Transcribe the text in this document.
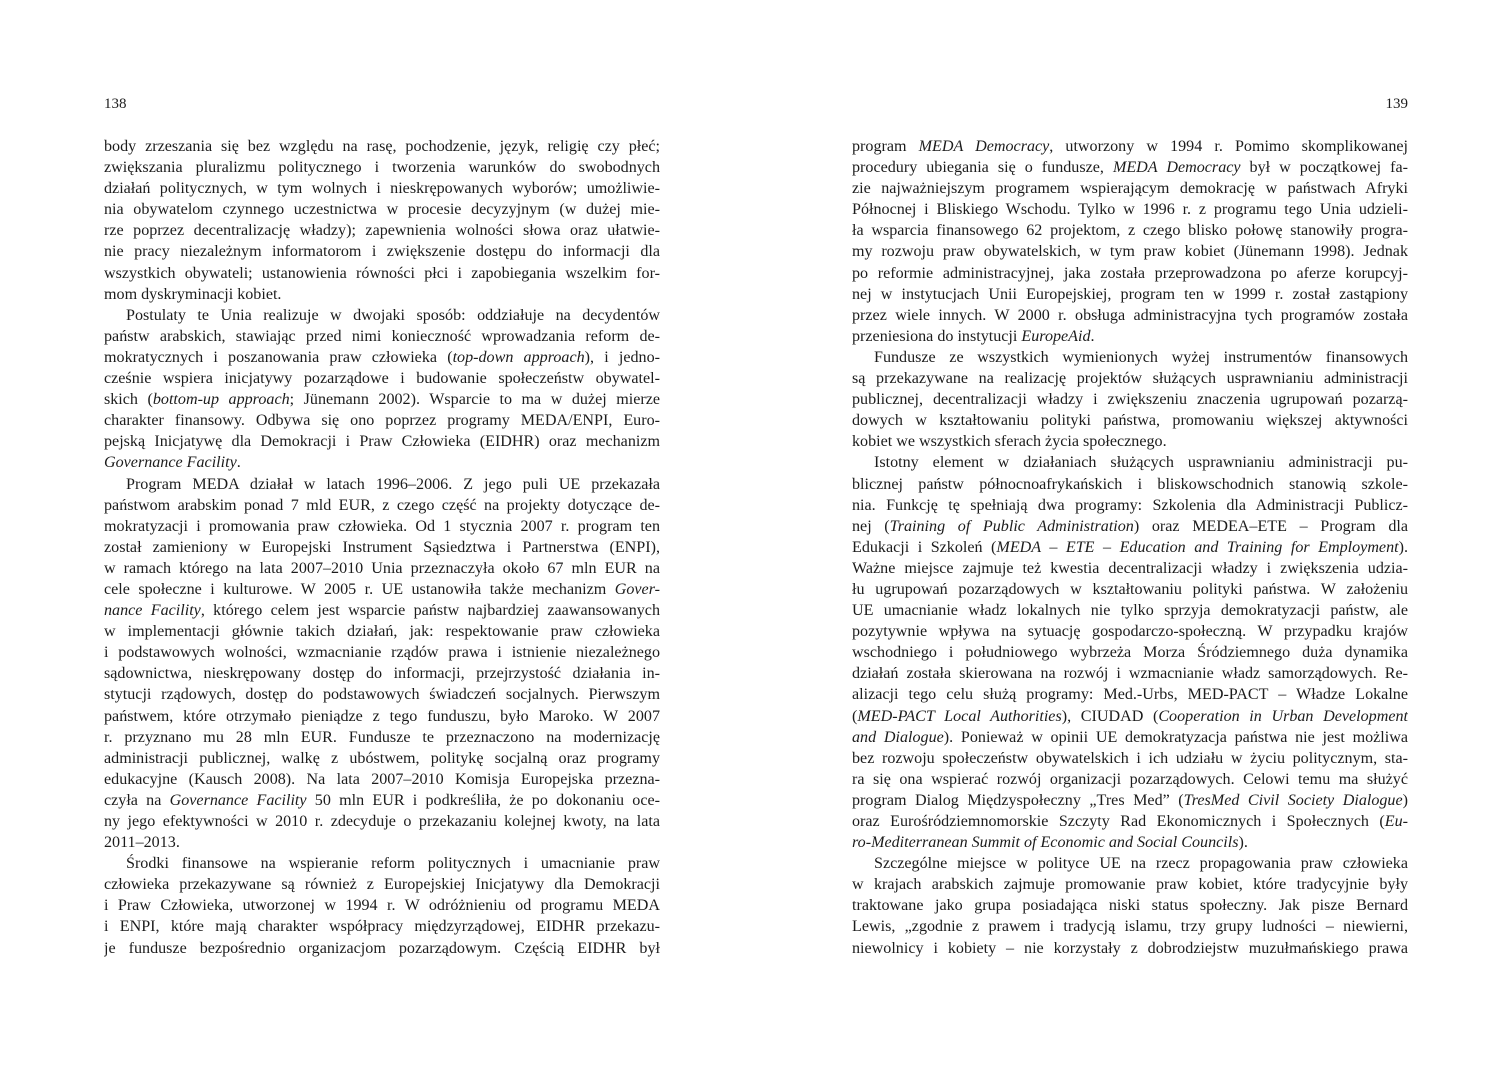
138
body zrzeszania się bez względu na rasę, pochodzenie, język, religię czy płeć;
zwiększania pluralizmu politycznego i tworzenia warunków do swobodnych
działań politycznych, w tym wolnych i nieskrępowanych wyborów; umożliwie-
nia obywatelom czynnego uczestnictwa w procesie decyzyjnym (w dużej mie-
rze poprzez decentralizację władzy); zapewnienia wolności słowa oraz ułatwie-
nie pracy niezależnym informatorom i zwiększenie dostępu do informacji dla
wszystkich obywateli; ustanowienia równości płci i zapobiegania wszelkim for-
mom dyskryminacji kobiet.
Postulaty te Unia realizuje w dwojaki sposób: oddziałuje na decydentów
państw arabskich, stawiając przed nimi konieczność wprowadzania reform de-
mokratycznych i poszanowania praw człowieka (top-down approach), i jedno-
cześnie wspiera inicjatywy pozarządowe i budowanie społeczeństw obywatel-
skich (bottom-up approach; Jünemann 2002). Wsparcie to ma w dużej mierze
charakter finansowy. Odbywa się ono poprzez programy MEDA/ENPI, Euro-
pejską Inicjatywę dla Demokracji i Praw Człowieka (EIDHR) oraz mechanizm
Governance Facility.
Program MEDA działał w latach 1996–2006. Z jego puli UE przekazała
państwom arabskim ponad 7 mld EUR, z czego część na projekty dotyczące de-
mokratyzacji i promowania praw człowieka. Od 1 stycznia 2007 r. program ten
został zamieniony w Europejski Instrument Sąsiedztwa i Partnerstwa (ENPI),
w ramach którego na lata 2007–2010 Unia przeznaczyła około 67 mln EUR na
cele społeczne i kulturowe. W 2005 r. UE ustanowiła także mechanizm Gover-
nance Facility, którego celem jest wsparcie państw najbardziej zaawansowanych
w implementacji głównie takich działań, jak: respektowanie praw człowieka
i podstawowych wolności, wzmacnianie rządów prawa i istnienie niezależnego
sądownictwa, nieskrępowany dostęp do informacji, przejrzystość działania in-
stytucji rządowych, dostęp do podstawowych świadczeń socjalnych. Pierwszym
państwem, które otrzymało pieniądze z tego funduszu, było Maroko. W 2007
r. przyznano mu 28 mln EUR. Fundusze te przeznaczono na modernizację
administracji publicznej, walkę z ubóstwem, politykę socjalną oraz programy
edukacyjne (Kausch 2008). Na lata 2007–2010 Komisja Europejska przezna-
czyła na Governance Facility 50 mln EUR i podkreśliła, że po dokonaniu oce-
ny jego efektywności w 2010 r. zdecyduje o przekazaniu kolejnej kwoty, na lata
2011–2013.
Środki finansowe na wspieranie reform politycznych i umacnianie praw
człowieka przekazywane są również z Europejskiej Inicjatywy dla Demokracji
i Praw Człowieka, utworzonej w 1994 r. W odróżnieniu od programu MEDA
i ENPI, które mają charakter współpracy międzyrządowej, EIDHR przekazu-
je fundusze bezpośrednio organizacjom pozarządowym. Częścią EIDHR był
139
program MEDA Democracy, utworzony w 1994 r. Pomimo skomplikowanej
procedury ubiegania się o fundusze, MEDA Democracy był w początkowej fa-
zie najważniejszym programem wspierającym demokrację w państwach Afryki
Północnej i Bliskiego Wschodu. Tylko w 1996 r. z programu tego Unia udzieli-
ła wsparcia finansowego 62 projektom, z czego blisko połowę stanowiły progra-
my rozwoju praw obywatelskich, w tym praw kobiet (Jünemann 1998). Jednak
po reformie administracyjnej, jaka została przeprowadzona po aferze korupcyj-
nej w instytucjach Unii Europejskiej, program ten w 1999 r. został zastąpiony
przez wiele innych. W 2000 r. obsługa administracyjna tych programów została
przeniesiona do instytucji EuropeAid.
Fundusze ze wszystkich wymienionych wyżej instrumentów finansowych
są przekazywane na realizację projektów służących usprawnianiu administracji
publicznej, decentralizacji władzy i zwiększeniu znaczenia ugrupowań pozarzą-
dowych w kształtowaniu polityki państwa, promowaniu większej aktywności
kobiet we wszystkich sferach życia społecznego.
Istotny element w działaniach służących usprawnianiu administracji pu-
blicznej państw północnoafrykańskich i bliskowschodnich stanowią szkole-
nia. Funkcję tę spełniają dwa programy: Szkolenia dla Administracji Publicz-
nej (Training of Public Administration) oraz MEDEA–ETE – Program dla
Edukacji i Szkoleń (MEDA – ETE – Education and Training for Employment).
Ważne miejsce zajmuje też kwestia decentralizacji władzy i zwiększenia udzia-
łu ugrupowań pozarządowych w kształtowaniu polityki państwa. W założeniu
UE umacnianie władz lokalnych nie tylko sprzyja demokratyzacji państw, ale
pozytywnie wpływa na sytuację gospodarczo-społeczną. W przypadku krajów
wschodniego i południowego wybrzeża Morza Śródziemnego duża dynamika
działań została skierowana na rozwój i wzmacnianie władz samorządowych. Re-
alizacji tego celu służą programy: Med.-Urbs, MED-PACT – Władze Lokalne
(MED-PACT Local Authorities), CIUDAD (Cooperation in Urban Development
and Dialogue). Ponieważ w opinii UE demokratyzacja państwa nie jest możliwa
bez rozwoju społeczeństw obywatelskich i ich udziału w życiu politycznym, sta-
ra się ona wspierać rozwój organizacji pozarządowych. Celowi temu ma służyć
program Dialog Międzyspołeczny „Tres Med” (TresMed Civil Society Dialogue)
oraz Eurośródziemnomorskie Szczyty Rad Ekonomicznych i Społecznych (Eu-
ro-Mediterranean Summit of Economic and Social Councils).
Szczególne miejsce w polityce UE na rzecz propagowania praw człowieka
w krajach arabskich zajmuje promowanie praw kobiet, które tradycyjnie były
traktowane jako grupa posiadająca niski status społeczny. Jak pisze Bernard
Lewis, „zgodnie z prawem i tradycją islamu, trzy grupy ludności – niewierni,
niewolnicy i kobiety – nie korzystały z dobrodziejstw muzułmańskiego prawa
